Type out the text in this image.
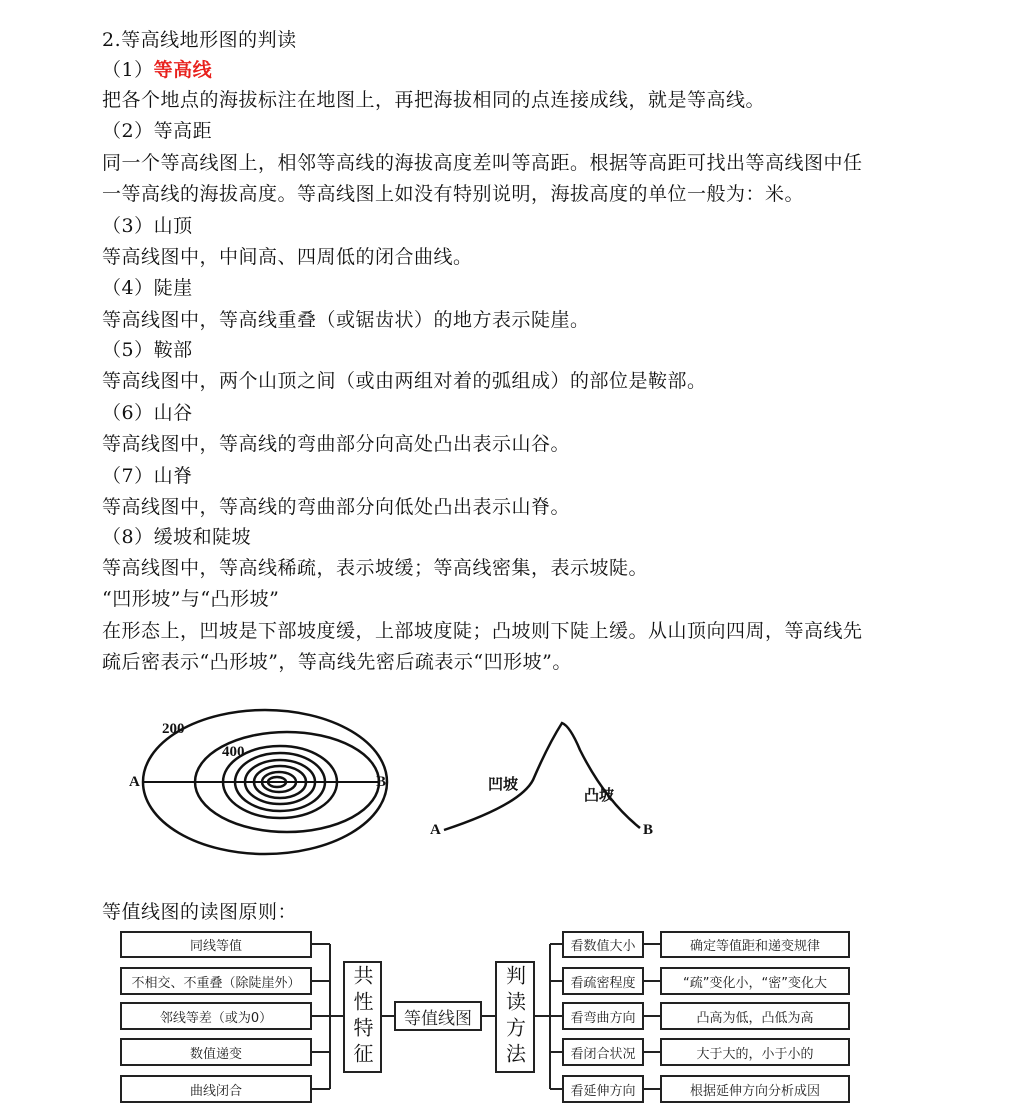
2.等高线地形图的判读
（1）等高线
把各个地点的海拔标注在地图上，再把海拔相同的点连接成线，就是等高线。
（2）等高距
同一个等高线图上，相邻等高线的海拔高度差叫等高距。根据等高距可找出等高线图中任
一等高线的海拔高度。等高线图上如没有特别说明，海拔高度的单位一般为：米。
（3）山顶
等高线图中，中间高、四周低的闭合曲线。
（4）陡崖
等高线图中，等高线重叠（或锯齿状）的地方表示陡崖。
（5）鞍部
等高线图中，两个山顶之间（或由两组对着的弧组成）的部位是鞍部。
（6）山谷
等高线图中，等高线的弯曲部分向高处凸出表示山谷。
（7）山脊
等高线图中，等高线的弯曲部分向低处凸出表示山脊。
（8）缓坡和陡坡
等高线图中，等高线稀疏，表示坡缓；等高线密集，表示坡陡。
“凹形坡”与“凸形坡”
在形态上，凹坡是下部坡度缓，上部坡度陡；凸坡则下陡上缓。从山顶向四周，等高线先
疏后密表示“凸形坡”，等高线先密后疏表示“凹形坡”。
200
400
A	B	凹坡
凸坡
A	B
等值线图的读图原则：
同线等值
不相交、不重叠（除陡崖外）
邻线等差（或为0）
数值递变
曲线闭合
共性特征	等值线图	判读方法
看数值大小
看疏密程度
看弯曲方向
看闭合状况
看延伸方向
确定等值距和递变规律
“疏”变化小，“密”变化大
凸高为低，凸低为高
大于大的，小于小的
根据延伸方向分析成因
